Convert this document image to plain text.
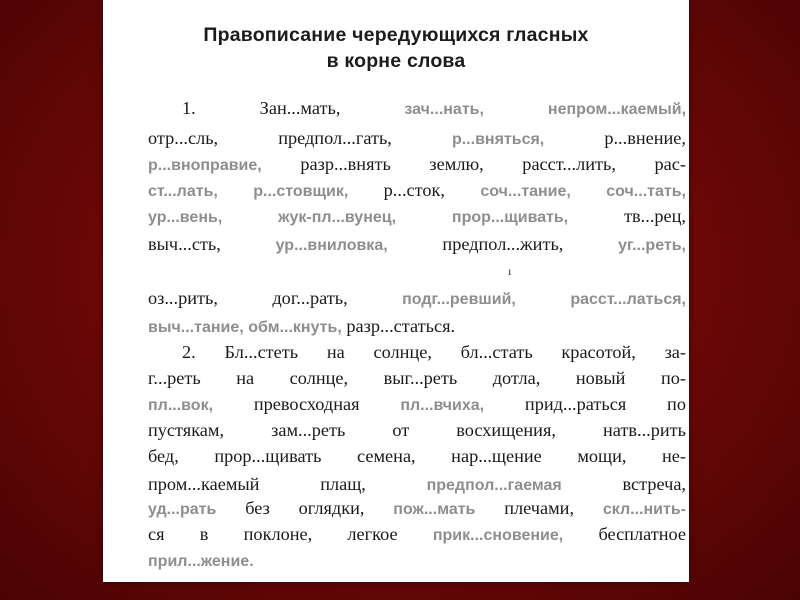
Правописание чередующихся гласных
в корне слова
1. Зан...мать,	зач...нать,	непром...каемый,
отр...сль,	предпол...гать,	р...вняться,	р...внение,
р...вноправие, разр...внять землю, расст...лить, рас-
ст...лать, р...стовщик, р...сток, соч...тание, соч...тать,
ур...вень,	жук-пл...вунец,	прор...щивать,	тв...рец,
выч...сть,	ур...вниловка,	предпол...жить,	уг...реть,
оз...рить,	дог...рать,	подг...ревший,	расст...латься,
выч...тание, обм...кнуть, разр...статься.
ı
2. Бл...стеть на солнце, бл...стать красотой, за-
г...реть на солнце, выг...реть дотла, новый по-
пл...вок, превосходная	пл...вчиха, прид...раться по
пустякам, зам...реть от восхищения, натв...рить
бед, прор...щивать семена, нар...щение мощи, не-
пром...каемый плащ,	предпол...гаемая	встреча,
уд...рать без оглядки, пож...мать плечами, скл...нить-
ся в поклоне, легкое прик...сновение, бесплатное
прил...жение.
